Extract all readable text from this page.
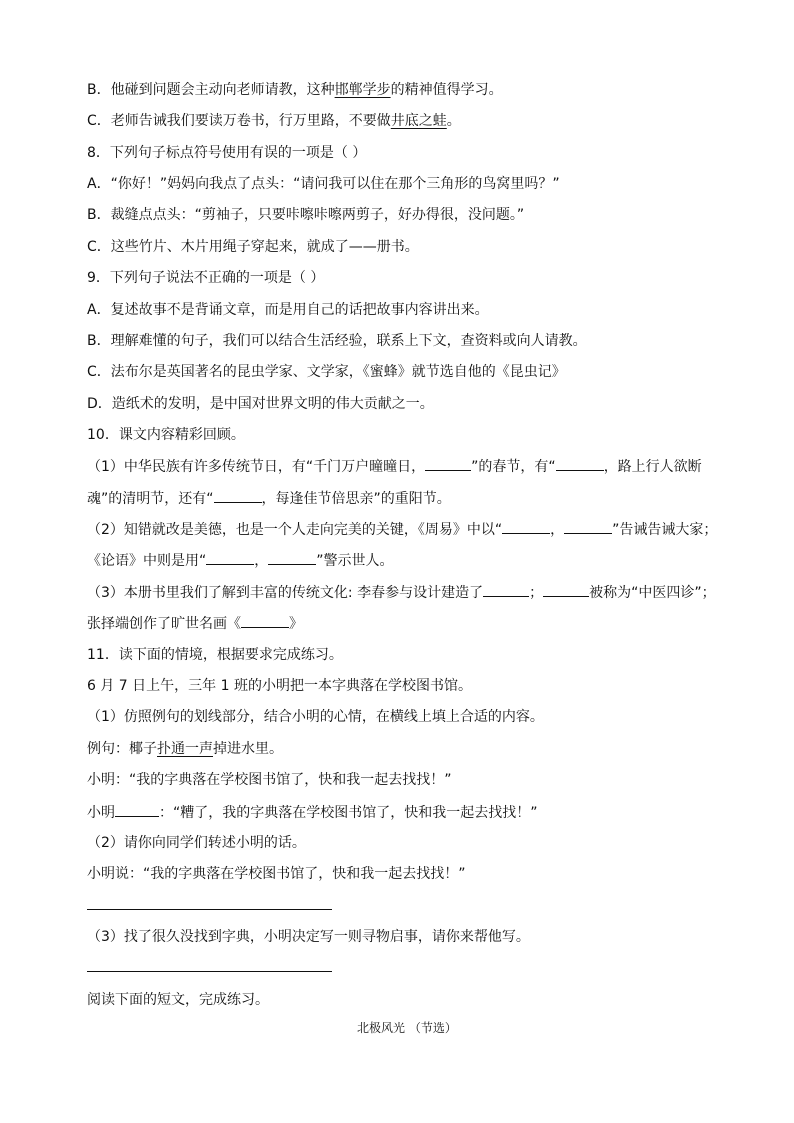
B．他碰到问题会主动向老师请教，这种邯郸学步的精神值得学习。
C．老师告诫我们要读万卷书，行万里路，不要做井底之蛙。
8．下列句子标点符号使用有误的一项是（ ）
A．“你好！”妈妈向我点了点头：“请问我可以住在那个三角形的鸟窝里吗？”
B．裁缝点点头：“剪袖子，只要咔嚓咔嚓两剪子，好办得很，没问题。”
C．这些竹片、木片用绳子穿起来，就成了——册书。
9．下列句子说法不正确的一项是（ ）
A．复述故事不是背诵文章，而是用自己的话把故事内容讲出来。
B．理解难懂的句子，我们可以结合生活经验，联系上下文，查资料或向人请教。
C．法布尔是英国著名的昆虫学家、文学家，《蜜蜂》就节选自他的《昆虫记》
D．造纸术的发明，是中国对世界文明的伟大贡献之一。
10．课文内容精彩回顾。
（1）中华民族有许多传统节日，有“千门万户曈曈日，	”的春节，有“	，路上行人欲断
魂”的清明节，还有“	，每逢佳节倍思亲”的重阳节。
（2）知错就改是美德，也是一个人走向完美的关键，《周易》中以“	，	”告诫告诫大家；
《论语》中则是用“	，	”警示世人。
（3）本册书里我们了解到丰富的传统文化: 李春参与设计建造了	；	被称为“中医四诊”；
张择端创作了旷世名画《	》
11．读下面的情境，根据要求完成练习。
6 月 7 日上午，三年 1 班的小明把一本字典落在学校图书馆。
（1）仿照例句的划线部分，结合小明的心情，在横线上填上合适的内容。
例句：椰子扑通一声掉进水里。
小明：“我的字典落在学校图书馆了，快和我一起去找找！”
小明	：“糟了，我的字典落在学校图书馆了，快和我一起去找找！”
（2）请你向同学们转述小明的话。
小明说：“我的字典落在学校图书馆了，快和我一起去找找！”
（3）找了很久没找到字典，小明决定写一则寻物启事，请你来帮他写。
阅读下面的短文，完成练习。
北极风光 （节选）
